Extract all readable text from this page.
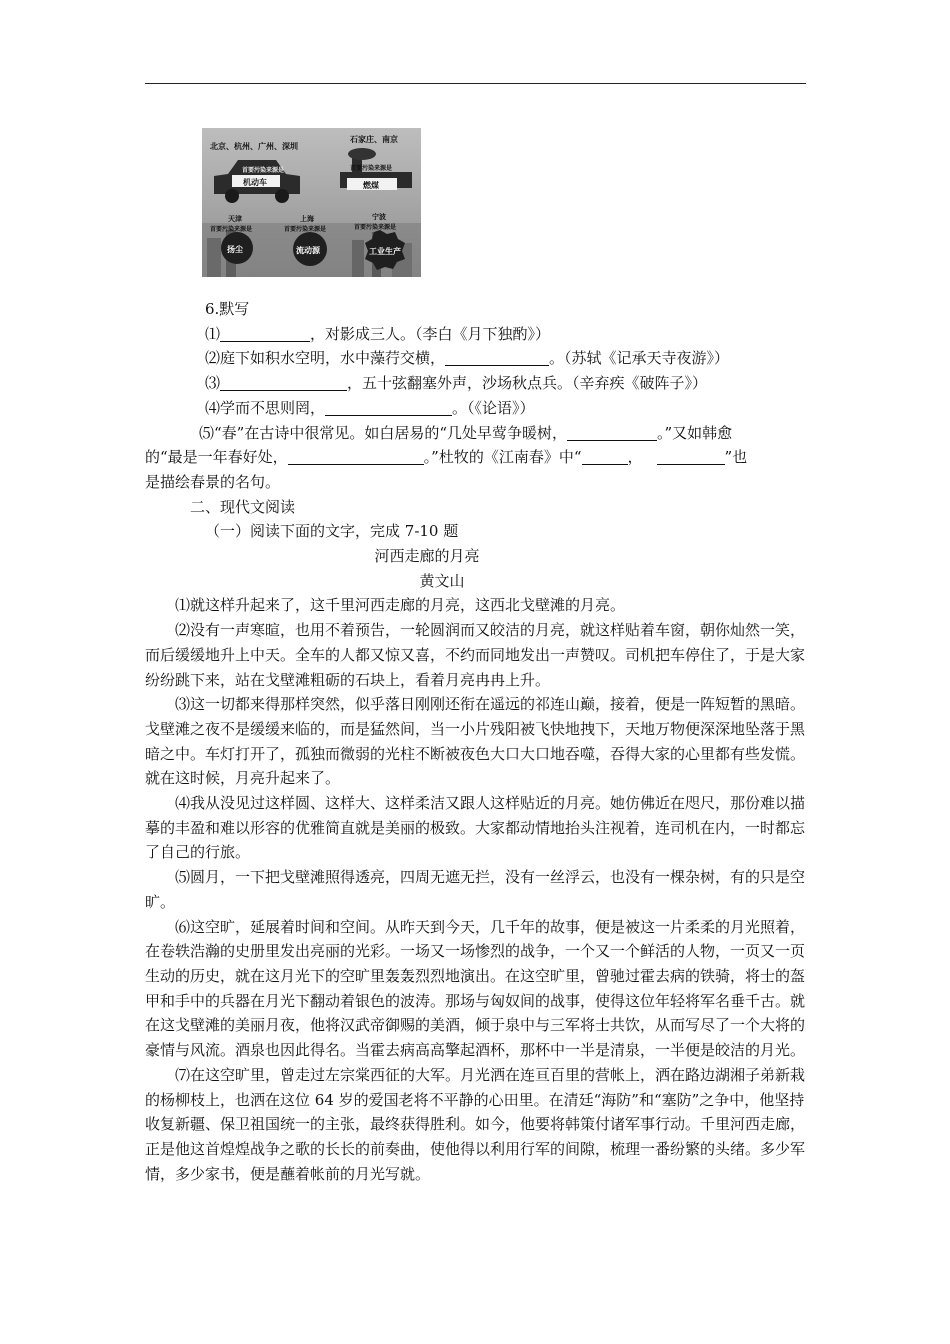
北京、杭州、广州、深圳
石家庄、南京
首要污染来源是
机动车
首要污染来源是
燃煤
天津
首要污染来源是
扬尘
上海
首要污染来源是
流动源
宁波
首要污染来源是
工业生产

6.默写

⑴	，对影成三人。（李白《月下独酌》）

⑵庭下如积水空明，水中藻荇交横，	。（苏轼《记承天寺夜游》）

⑶	，五十弦翻塞外声，沙场秋点兵。（辛弃疾《破阵子》）

⑷学而不思则罔，	。（《论语》）

⑸“春”在古诗中很常见。如白居易的“几处早莺争暖树，	。”又如韩愈
的“最是一年春好处，	。”杜牧的《江南春》中“	，	”也
是描绘春景的名句。

二、现代文阅读

（一）阅读下面的文字，完成 7-10 题

河西走廊的月亮

黄文山

⑴就这样升起来了，这千里河西走廊的月亮，这西北戈壁滩的月亮。

⑵没有一声寒暄，也用不着预告，一轮圆润而又皎洁的月亮，就这样贴着车窗，朝你灿然一笑，而后缓缓地升上中天。全车的人都又惊又喜，不约而同地发出一声赞叹。司机把车停住了，于是大家纷纷跳下来，站在戈壁滩粗砺的石块上，看着月亮冉冉上升。

⑶这一切都来得那样突然，似乎落日刚刚还衔在遥远的祁连山巅，接着，便是一阵短暂的黑暗。戈壁滩之夜不是缓缓来临的，而是猛然间，当一小片残阳被飞快地拽下，天地万物便深深地坠落于黑暗之中。车灯打开了，孤独而微弱的光柱不断被夜色大口大口地吞噬，吞得大家的心里都有些发慌。就在这时候，月亮升起来了。

⑷我从没见过这样圆、这样大、这样柔洁又跟人这样贴近的月亮。她仿佛近在咫尺，那份难以描摹的丰盈和难以形容的优雅简直就是美丽的极致。大家都动情地抬头注视着，连司机在内，一时都忘了自己的行旅。

⑸圆月，一下把戈壁滩照得透亮，四周无遮无拦，没有一丝浮云，也没有一棵杂树，有的只是空旷。

⑹这空旷，延展着时间和空间。从昨天到今天，几千年的故事，便是被这一片柔柔的月光照着，在卷轶浩瀚的史册里发出亮丽的光彩。一场又一场惨烈的战争，一个又一个鲜活的人物，一页又一页生动的历史，就在这月光下的空旷里轰轰烈烈地演出。在这空旷里，曾驰过霍去病的铁骑，将士的盔甲和手中的兵器在月光下翻动着银色的波涛。那场与匈奴间的战事，使得这位年轻将军名垂千古。就在这戈壁滩的美丽月夜，他将汉武帝御赐的美酒，倾于泉中与三军将士共饮，从而写尽了一个大将的豪情与风流。酒泉也因此得名。当霍去病高高擎起酒杯，那杯中一半是清泉，一半便是皎洁的月光。

⑺在这空旷里，曾走过左宗棠西征的大军。月光洒在连亘百里的营帐上，洒在路边湖湘子弟新栽的杨柳枝上，也洒在这位 64 岁的爱国老将不平静的心田里。在清廷“海防”和“塞防”之争中，他坚持收复新疆、保卫祖国统一的主张，最终获得胜利。如今，他要将韩策付诸军事行动。千里河西走廊，正是他这首煌煌战争之歌的长长的前奏曲，使他得以利用行军的间隙，梳理一番纷繁的头绪。多少军情，多少家书，便是蘸着帐前的月光写就。
